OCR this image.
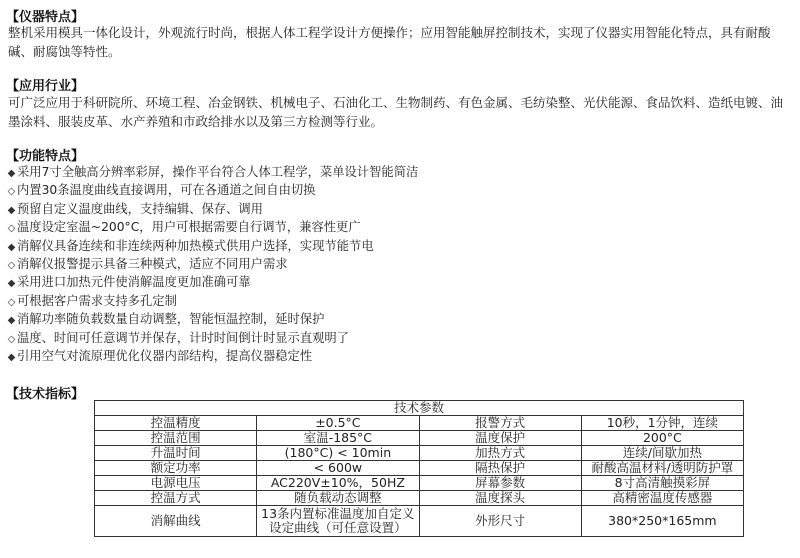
【仪器特点】
整机采用模具一体化设计，外观流行时尚，根据人体工程学设计方便操作；应用智能触屏控制技术，实现了仪器实用智能化特点，具有耐酸碱、耐腐蚀等特性。
【应用行业】
可广泛应用于科研院所、环境工程、冶金钢铁、机械电子、石油化工、生物制药、有色金属、毛纺染整、光伏能源、食品饮料、造纸电镀、油墨涂料、服装皮革、水产养殖和市政给排水以及第三方检测等行业。
【功能特点】
◆ 采用7寸全触高分辨率彩屏，操作平台符合人体工程学，菜单设计智能简洁
◇ 内置30条温度曲线直接调用，可在各通道之间自由切换
◆ 预留自定义温度曲线，支持编辑、保存、调用
◇ 温度设定室温~200°C，用户可根据需要自行调节，兼容性更广
◆ 消解仪具备连续和非连续两种加热模式供用户选择，实现节能节电
◇ 消解仪报警提示具备三种模式，适应不同用户需求
◆ 采用进口加热元件使消解温度更加准确可靠
◇ 可根据客户需求支持多孔定制
◆ 消解功率随负载数量自动调整，智能恒温控制，延时保护
◇ 温度、时间可任意调节并保存，计时时间倒计时显示直观明了
◆ 引用空气对流原理优化仪器内部结构，提高仪器稳定性
【技术指标】
技术参数			
控温精度	±0.5°C	报警方式	10秒，1分钟，连续
控温范围	室温-185°C	温度保护	200°C
升温时间	(180°C) < 10min	加热方式	连续/间歇加热
额定功率	< 600w	隔热保护	耐酸高温材料/透明防护罩
电源电压	AC220V±10%，50HZ	屏幕参数	8寸高清触摸彩屏
控温方式	随负载动态调整	温度探头	高精密温度传感器
消解曲线	13条内置标准温度加自定义设定曲线（可任意设置）	外形尺寸	380*250*165mm
